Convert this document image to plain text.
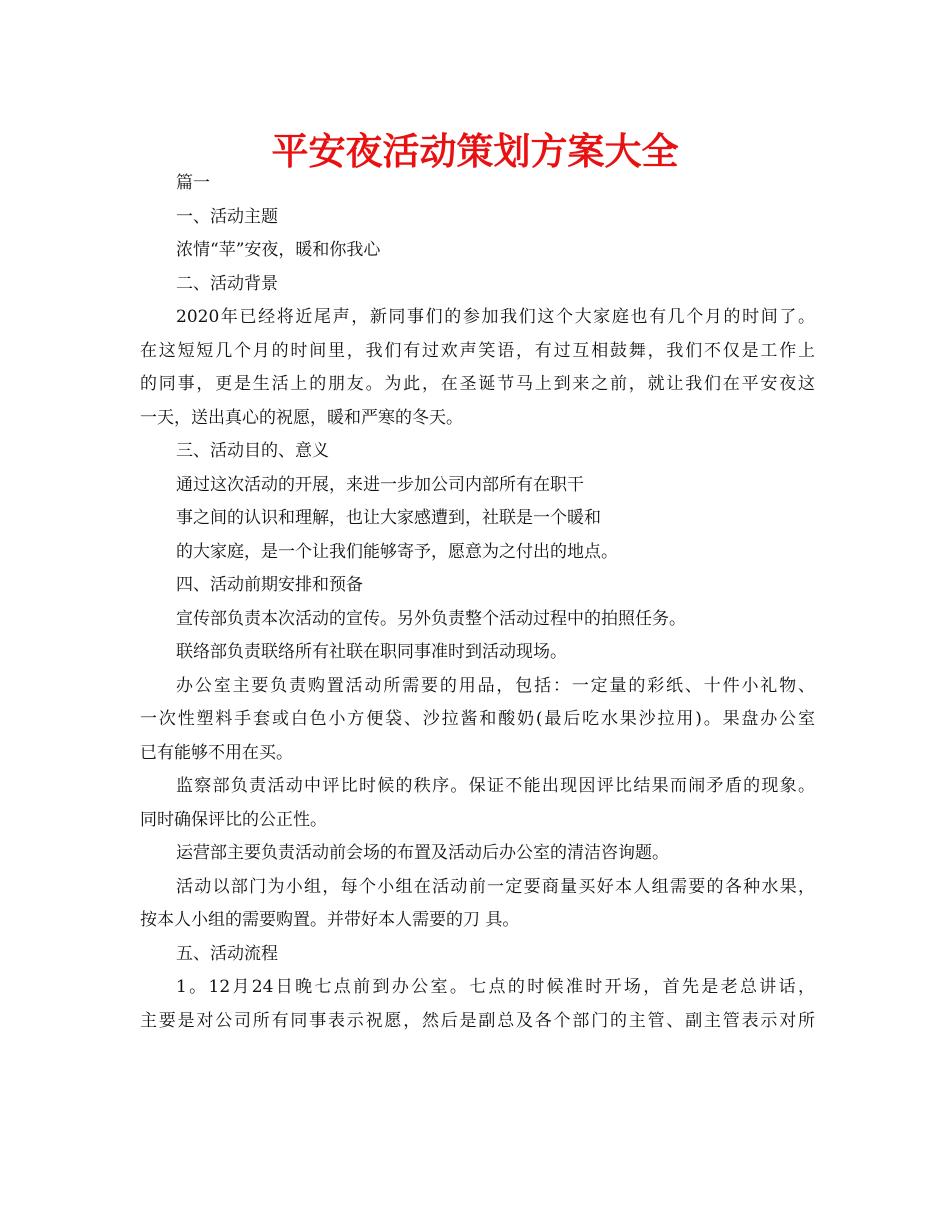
平安夜活动策划方案大全
篇一
一、活动主题
浓情“苹”安夜，暖和你我心
二、活动背景
2020年已经将近尾声，新同事们的参加我们这个大家庭也有几个月的时间了。
在这短短几个月的时间里，我们有过欢声笑语，有过互相鼓舞，我们不仅是工作上
的同事，更是生活上的朋友。为此，在圣诞节马上到来之前，就让我们在平安夜这
一天，送出真心的祝愿，暖和严寒的冬天。
三、活动目的、意义
通过这次活动的开展，来进一步加公司内部所有在职干
事之间的认识和理解，也让大家感遭到，社联是一个暖和
的大家庭，是一个让我们能够寄予，愿意为之付出的地点。
四、活动前期安排和预备
宣传部负责本次活动的宣传。另外负责整个活动过程中的拍照任务。
联络部负责联络所有社联在职同事准时到活动现场。
办公室主要负责购置活动所需要的用品，包括：一定量的彩纸、十件小礼物、
一次性塑料手套或白色小方便袋、沙拉酱和酸奶(最后吃水果沙拉用)。果盘办公室
已有能够不用在买。
监察部负责活动中评比时候的秩序。保证不能出现因评比结果而闹矛盾的现象。
同时确保评比的公正性。
运营部主要负责活动前会场的布置及活动后办公室的清洁咨询题。
活动以部门为小组，每个小组在活动前一定要商量买好本人组需要的各种水果，
按本人小组的需要购置。并带好本人需要的刀 具。
五、活动流程
1。12月24日晚七点前到办公室。七点的时候准时开场，首先是老总讲话，
主要是对公司所有同事表示祝愿，然后是副总及各个部门的主管、副主管表示对所
